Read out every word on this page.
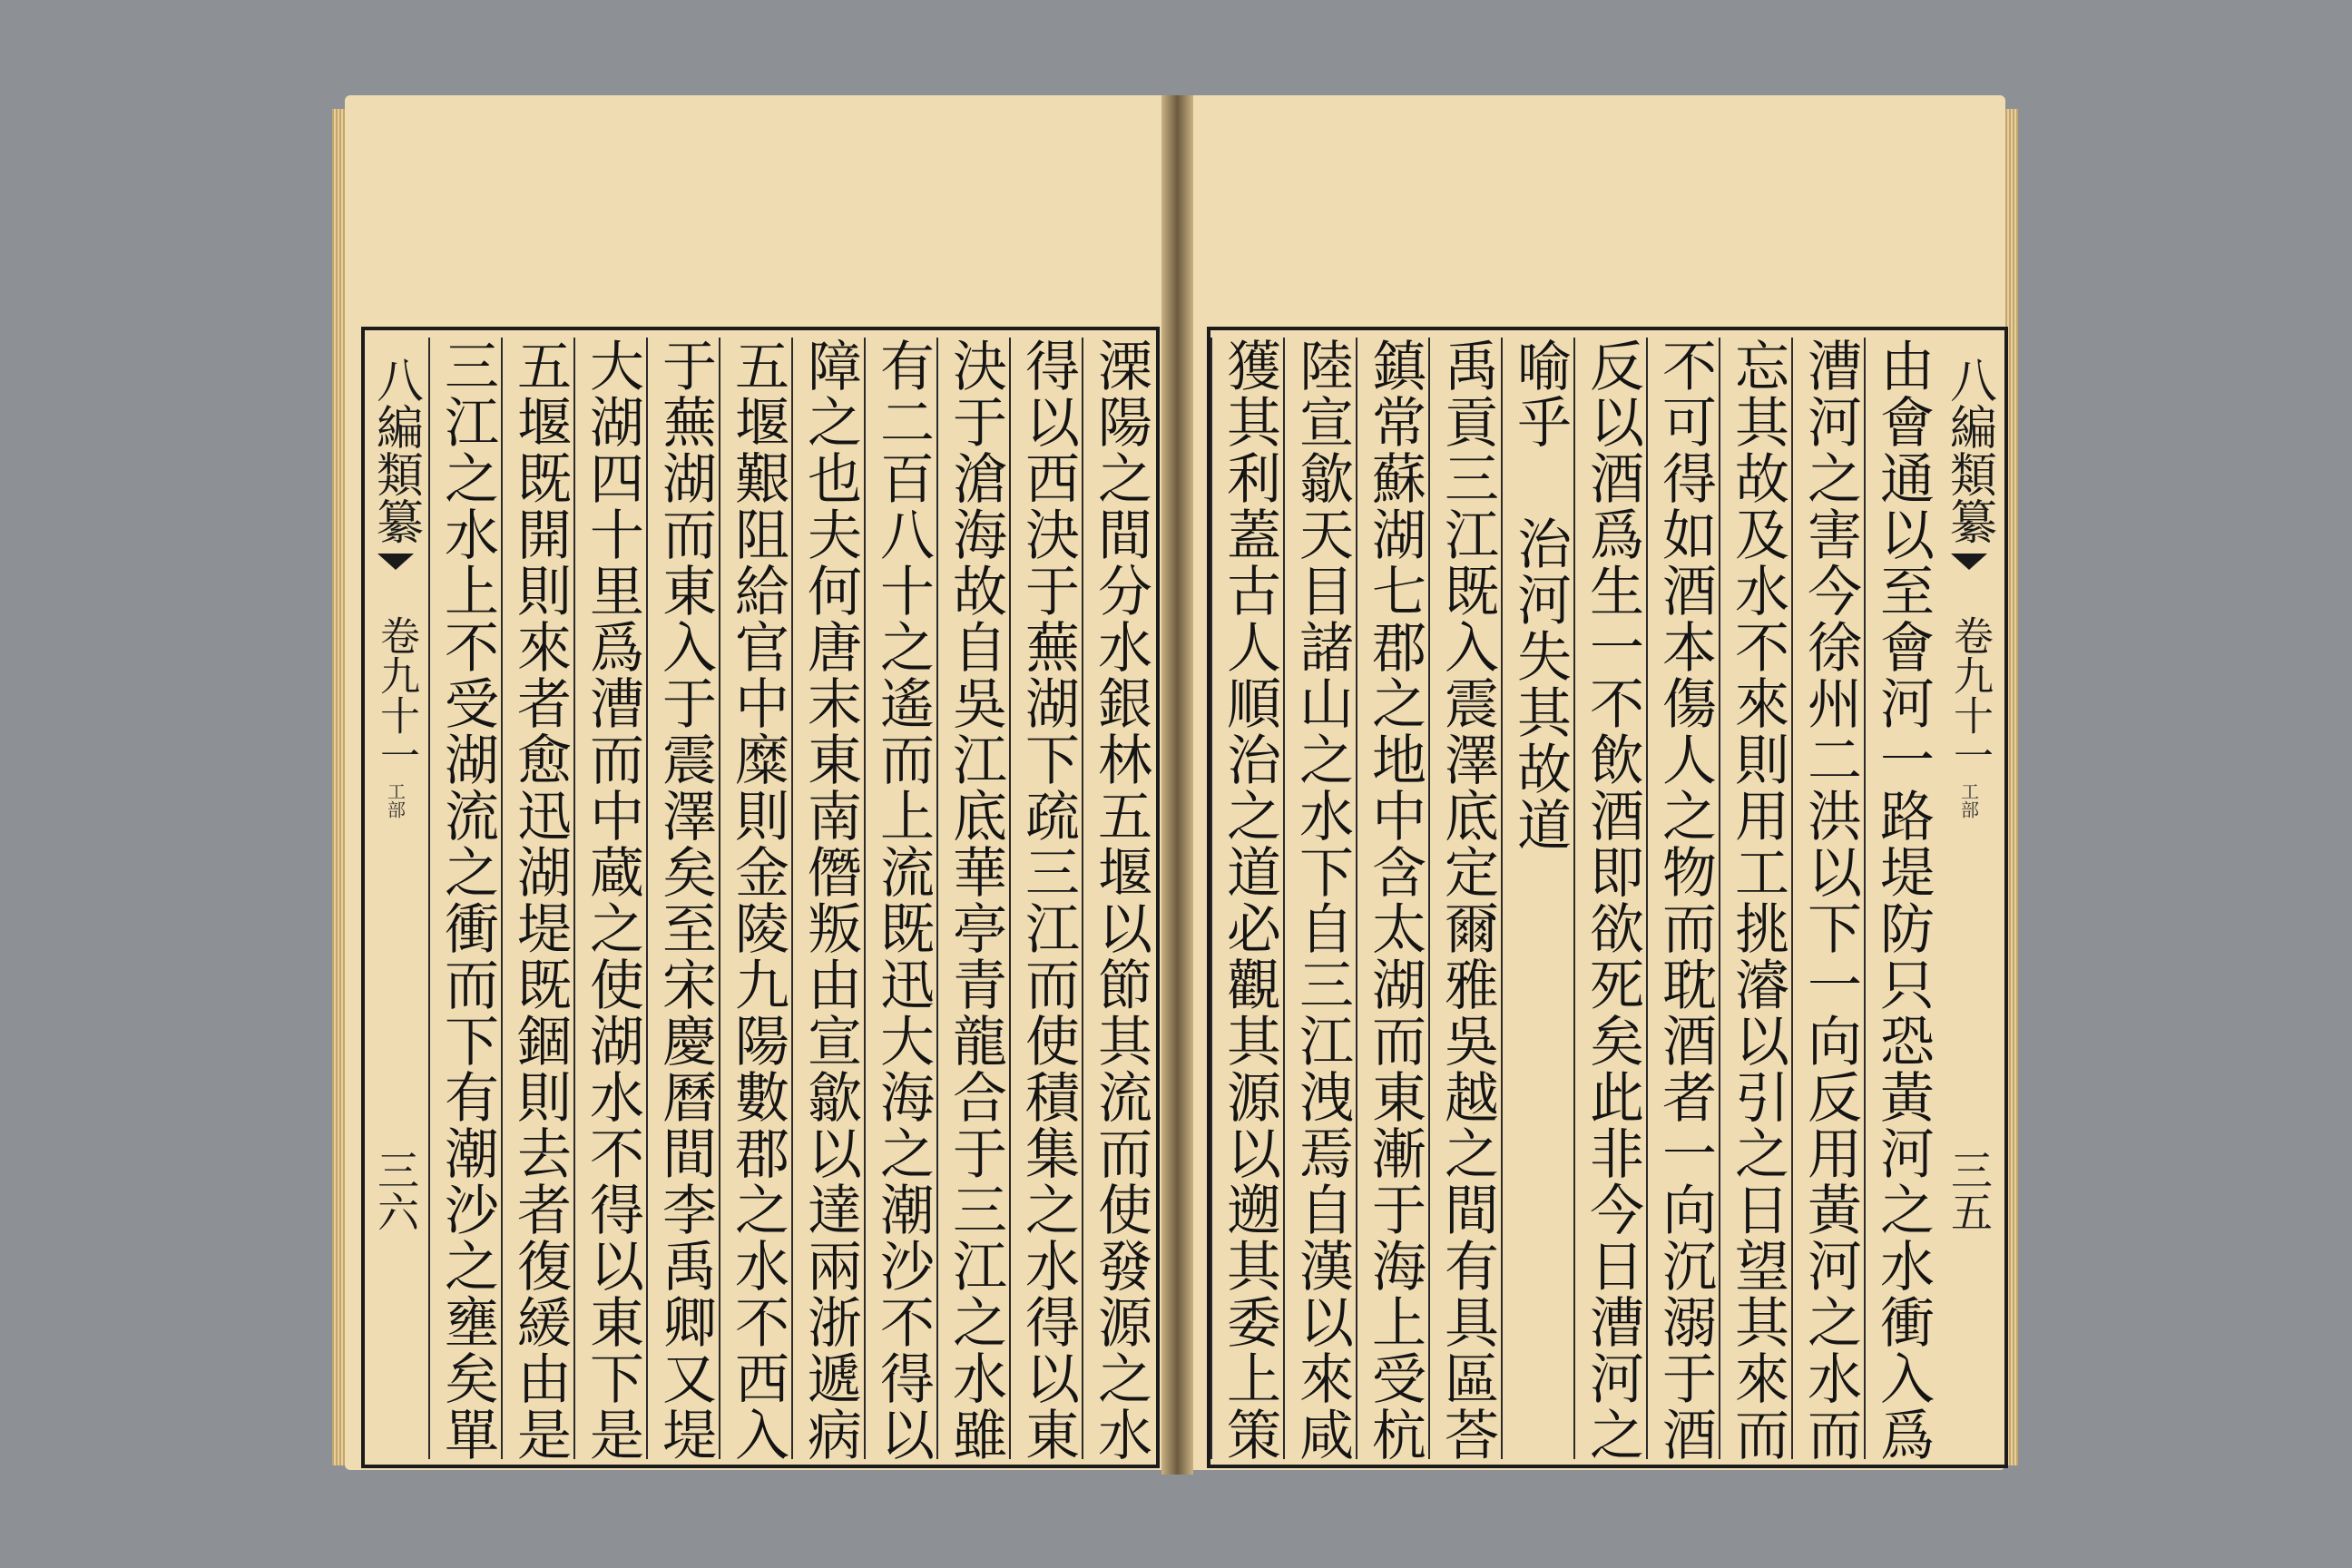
八編類纂
卷九十一
工部
三六 三江之水上不受湖流之衝而下有潮沙之壅矣單 五堰既開則來者愈迅湖堤既錮則去者復緩由是 大湖四十里爲漕而中蔵之使湖水不得以東下是 于蕪湖而東入于震澤矣至宋慶曆間李禹卿又堤 五堰艱阻給官中糜則金陵九陽數郡之水不西入 障之也夫何唐末東南僭叛由宣歙以達兩浙遞病 有二百八十之遙而上流既迅大海之潮沙不得以 決于滄海故自吳江底華亭青龍合于三江之水雖 得以西決于蕪湖下疏三江而使積集之水得以東 溧陽之間分水銀林五堰以節其流而使發源之水 獲其利蓋古人順治之道必觀其源以遡其委上策 陸宣歙天目諸山之水下自三江洩焉自漢以來咸 鎮常蘇湖七郡之地中含太湖而東漸于海上受杭 禹貢三江既入震澤底定爾雅吳越之間有具區荅 喻乎 治河失其故道 反以酒爲生一不飲酒即欲死矣此非今日漕河之 不可得如酒本傷人之物而耽酒者一向沉溺于酒 忘其故及水不來則用工挑濬以引之日望其來而 漕河之害今徐州二洪以下一向反用黃河之水而 由會通以至會河一路堤防只恐黃河之水衝入爲 八編類纂
卷九十一
工部
三五
